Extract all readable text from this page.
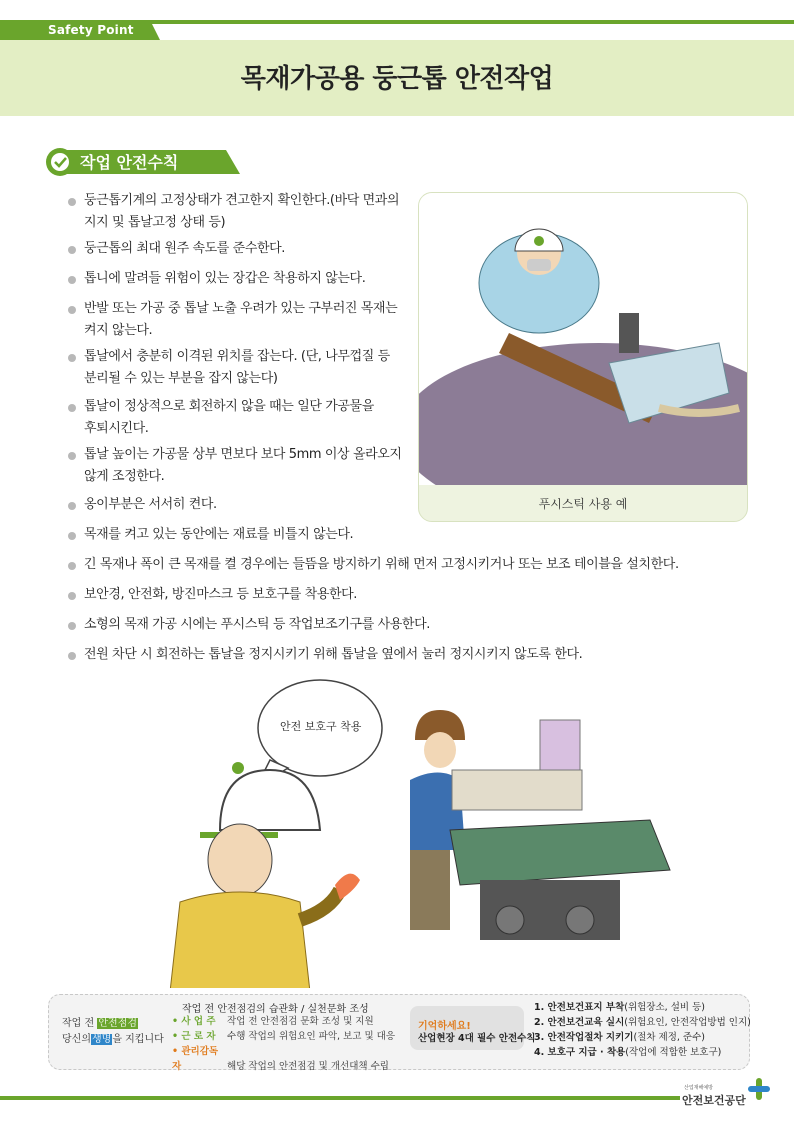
Safety Point
목재가공용 둥근톱 안전작업
작업 안전수칙
둥근톱기계의 고정상태가 견고한지 확인한다.(바닥 면과의
지지 및 톱날고정 상태 등)
둥근톱의 최대 원주 속도를 준수한다.
톱니에 말려들 위험이 있는 장갑은 착용하지 않는다.
반발 또는 가공 중 톱날 노출 우려가 있는 구부러진 목재는
켜지 않는다.
톱날에서 충분히 이격된 위치를 잡는다. (단, 나무껍질 등
분리될 수 있는 부분을 잡지 않는다)
톱날이 정상적으로 회전하지 않을 때는 일단 가공물을
후퇴시킨다.
톱날 높이는 가공물 상부 면보다 보다 5mm 이상 올라오지
않게 조정한다.
옹이부분은 서서히 켠다.
목재를 켜고 있는 동안에는 재료를 비틀지 않는다.
긴 목재나 폭이 큰 목재를 켤 경우에는 들뜸을 방지하기 위해 먼저 고정시키거나 또는 보조 테이블을 설치한다.
보안경, 안전화, 방진마스크 등 보호구를 착용한다.
소형의 목재 가공 시에는 푸시스틱 등 작업보조기구를 사용한다.
전원 차단 시 회전하는 톱날을 정지시키기 위해 톱날을 옆에서 눌러 정지시키지 않도록 한다.
푸시스틱 사용 예
안전 보호구 착용
작업 전 안전점검
당신의생명을 지킵니다
작업 전 안전점검의 습관화 / 실천문화 조성
• 사 업 주 작업 전 안전점검 문화 조성 및 지원
• 근 로 자 수행 작업의 위험요인 파악, 보고 및 대응
• 관리감독자	해당 작업의 안전점검 및 개선대책 수립
기억하세요!
산업현장 4대 필수 안전수칙
1. 안전보건표지 부착(위험장소, 설비 등)
2. 안전보건교육 실시(위험요인, 안전작업방법 인지)
3. 안전작업절차 지키기(절차 제정, 준수)
4. 보호구 지급 · 착용(작업에 적합한 보호구)
산업재해예방
안전보건공단
